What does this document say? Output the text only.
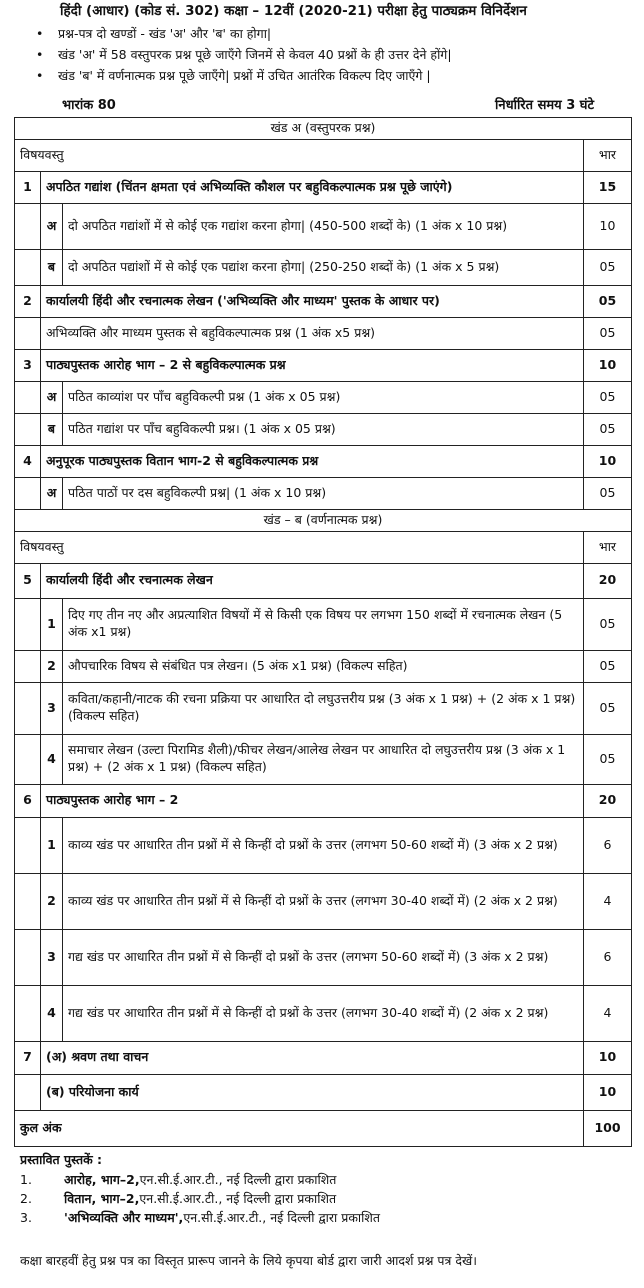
हिंदी (आधार) (कोड सं. 302) कक्षा – 12वीं (2020-21) परीक्षा हेतु पाठ्यक्रम विनिर्देशन
•	प्रश्न-पत्र दो खण्डों - खंड 'अ' और 'ब' का होगा|
•	खंड 'अ' में 58 वस्तुपरक प्रश्न पूछे जाएँगे जिनमें से केवल 40 प्रश्नों के ही उत्तर देने होंगे|
•	खंड 'ब' में वर्णनात्मक प्रश्न पूछे जाएँगे| प्रश्नों में उचित आतंरिक विकल्प दिए जाएँगे |
भारांक 80	निर्धारित समय 3 घंटे
खंड अ (वस्तुपरक प्रश्न)			
विषयवस्तु			भार
1	अपठित गद्यांश (चिंतन क्षमता एवं अभिव्यक्ति कौशल पर बहुविकल्पात्मक प्रश्न पूछे जाएंगे)		15
	अ	दो अपठित गद्यांशों में से कोई एक गद्यांश करना होगा| (450-500 शब्दों के) (1 अंक x 10 प्रश्न)	10
	ब	दो अपठित पद्यांशों में से कोई एक पद्यांश करना होगा| (250-250 शब्दों के) (1 अंक x 5 प्रश्न)	05
2	कार्यालयी हिंदी और रचनात्मक लेखन ('अभिव्यक्ति और माध्यम' पुस्तक के आधार पर)		05
	अभिव्यक्ति और माध्यम पुस्तक से बहुविकल्पात्मक प्रश्न (1 अंक x5 प्रश्न)		05
3	पाठ्यपुस्तक आरोह भाग – 2 से बहुविकल्पात्मक प्रश्न		10
	अ	पठित काव्यांश पर पाँच बहुविकल्पी प्रश्न (1 अंक x 05 प्रश्न)	05
	ब	पठित गद्यांश पर पाँच बहुविकल्पी प्रश्न। (1 अंक x 05 प्रश्न)	05
4	अनुपूरक पाठ्यपुस्तक वितान भाग-2 से बहुविकल्पात्मक प्रश्न		10
	अ	पठित पाठों पर दस बहुविकल्पी प्रश्न| (1 अंक x 10 प्रश्न)	05
खंड – ब (वर्णनात्मक प्रश्न)			
विषयवस्तु			भार
5	कार्यालयी हिंदी और रचनात्मक लेखन		20
	1	दिए गए तीन नए और अप्रत्याशित विषयों में से किसी एक विषय पर लगभग 150 शब्दों में रचनात्मक लेखन (5 अंक x1 प्रश्न)	05
	2	औपचारिक विषय से संबंधित पत्र लेखन। (5 अंक x1 प्रश्न) (विकल्प सहित)	05
	3	कविता/कहानी/नाटक की रचना प्रक्रिया पर आधारित दो लघुउत्तरीय प्रश्न (3 अंक x 1 प्रश्न) + (2 अंक x 1 प्रश्न) (विकल्प सहित)	05
	4	समाचार लेखन (उल्टा पिरामिड शैली)/फीचर लेखन/आलेख लेखन पर आधारित दो लघुउत्तरीय प्रश्न (3 अंक x 1 प्रश्न) + (2 अंक x 1 प्रश्न) (विकल्प सहित)	05
6	पाठ्यपुस्तक आरोह भाग – 2		20
	1	काव्य खंड पर आधारित तीन प्रश्नों में से किन्हीं दो प्रश्नों के उत्तर (लगभग 50-60 शब्दों में) (3 अंक x 2 प्रश्न)	6
	2	काव्य खंड पर आधारित तीन प्रश्नों में से किन्हीं दो प्रश्नों के उत्तर (लगभग 30-40 शब्दों में) (2 अंक x 2 प्रश्न)	4
	3	गद्य खंड पर आधारित तीन प्रश्नों में से किन्हीं दो प्रश्नों के उत्तर (लगभग 50-60 शब्दों में) (3 अंक x 2 प्रश्न)	6
	4	गद्य खंड पर आधारित तीन प्रश्नों में से किन्हीं दो प्रश्नों के उत्तर (लगभग 30-40 शब्दों में) (2 अंक x 2 प्रश्न)	4
7	(अ) श्रवण तथा वाचन		10
	(ब) परियोजना कार्य		10
कुल अंक			100
प्रस्तावित पुस्तकें :
1.	आरोह, भाग–2, एन.सी.ई.आर.टी., नई दिल्ली द्वारा प्रकाशित
2.	वितान, भाग–2, एन.सी.ई.आर.टी., नई दिल्ली द्वारा प्रकाशित
3.	'अभिव्यक्ति और माध्यम', एन.सी.ई.आर.टी., नई दिल्ली द्वारा प्रकाशित
कक्षा बारहवीं हेतु प्रश्न पत्र का विस्तृत प्रारूप जानने के लिये कृपया बोर्ड द्वारा जारी आदर्श प्रश्न पत्र देखें।
